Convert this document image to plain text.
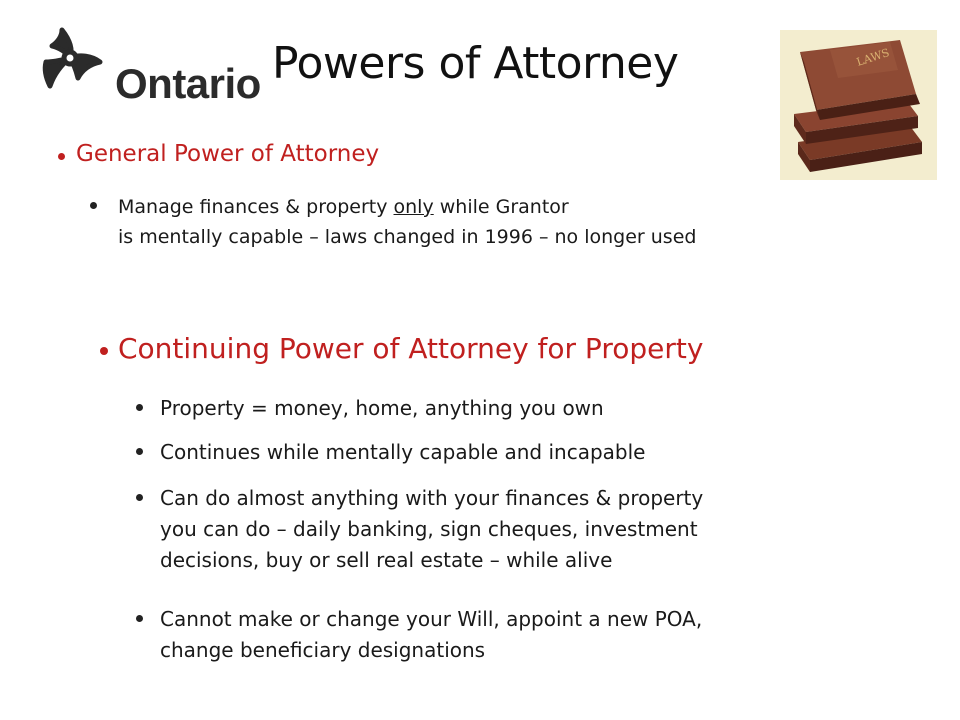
Ontario Powers of Attorney	LAWS
General Power of Attorney
Manage finances & property only while Grantor
is mentally capable – laws changed in 1996 – no longer used
Continuing Power of Attorney for Property
Property = money, home, anything you own
Continues while mentally capable and incapable
Can do almost anything with your finances & property
you can do – daily banking, sign cheques, investment
decisions, buy or sell real estate – while alive
Cannot make or change your Will, appoint a new POA,
change beneficiary designations
